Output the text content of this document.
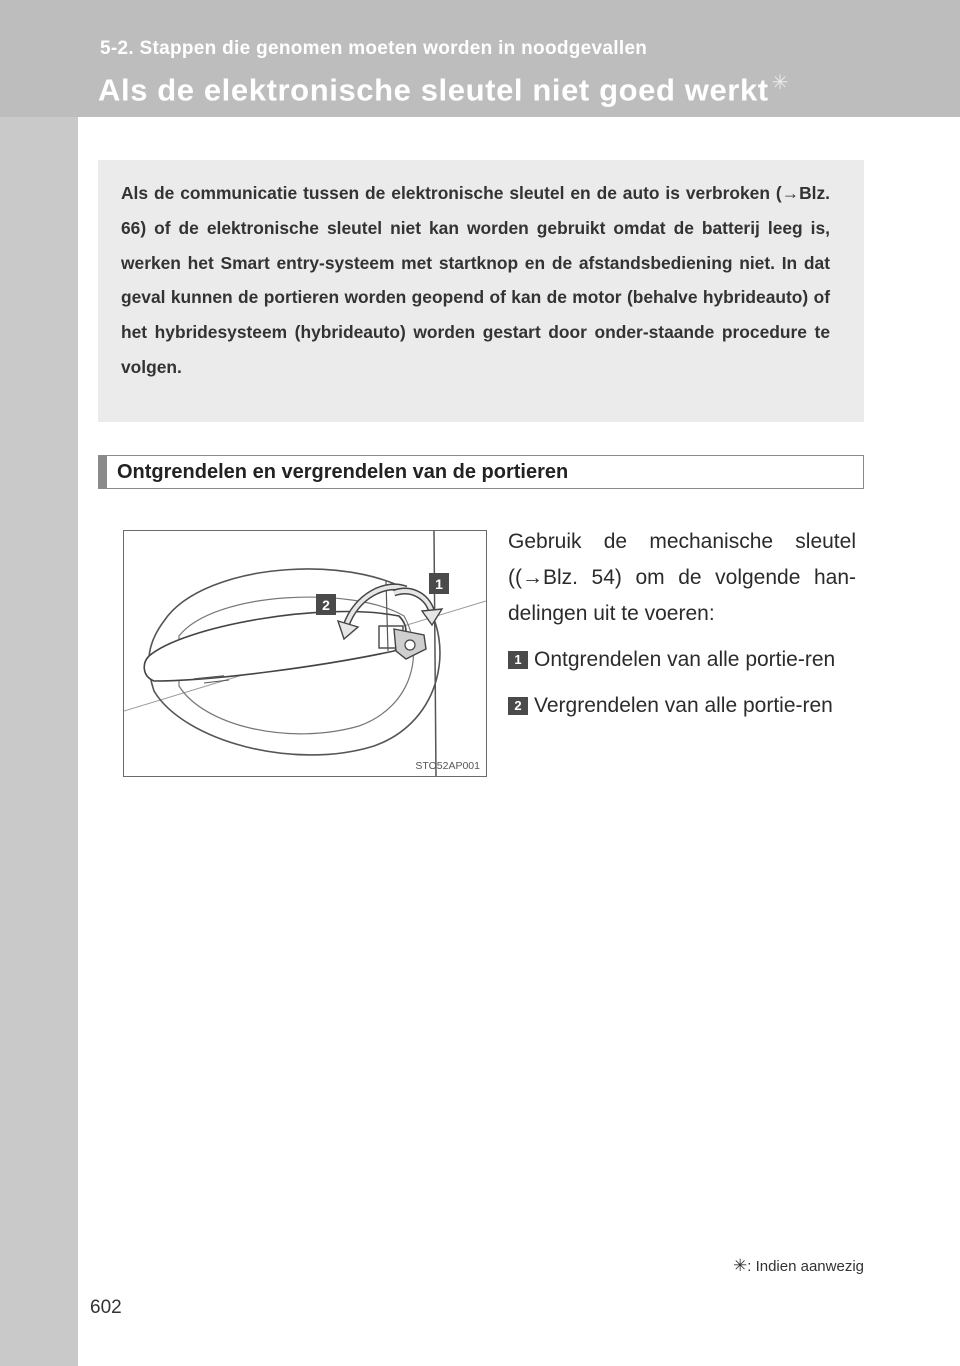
5-2. Stappen die genomen moeten worden in noodgevallen
Als de elektronische sleutel niet goed werkt ✳

Als de communicatie tussen de elektronische sleutel en de auto is verbroken (→Blz. 66) of de elektronische sleutel niet kan worden gebruikt omdat de batterij leeg is, werken het Smart entry-systeem met startknop en de afstandsbediening niet. In dat geval kunnen de portieren worden geopend of kan de motor (behalve hybrideauto) of het hybridesysteem (hybrideauto) worden gestart door onder-staande procedure te volgen.

Ontgrendelen en vergrendelen van de portieren
2
1
STO52AP001

Gebruik de mechanische sleutel ((→Blz. 54) om de volgende han-delingen uit te voeren:

1 Ontgrendelen van alle portie-ren

2 Vergrendelen van alle portie-ren

✳: Indien aanwezig
602
